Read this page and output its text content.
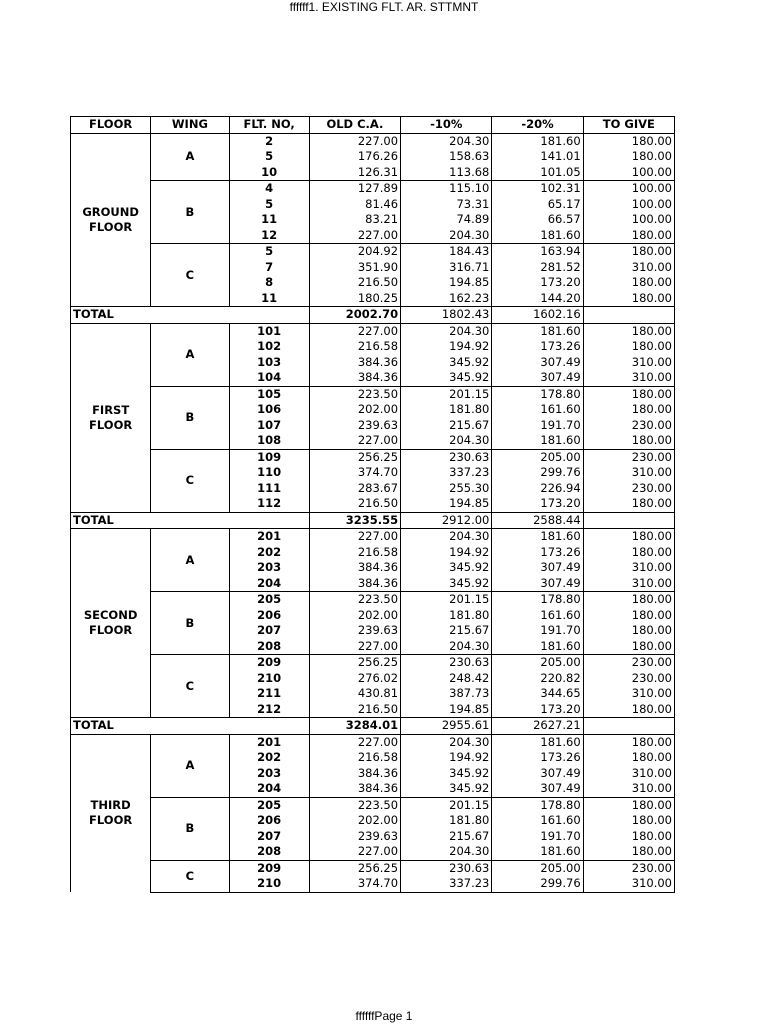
ffffff1. EXISTING FLT. AR. STTMNT
FLOOR	WING	FLT. NO,	OLD C.A.	-10%	-20%	TO GIVE

GROUND
FLOOR	A	2	227.00	204.30	181.60	180.00
		5	176.26	158.63	141.01	180.00
		10	126.31	113.68	101.05	100.00
	B	4	127.89	115.10	102.31	100.00
		5	81.46	73.31	65.17	100.00
		11	83.21	74.89	66.57	100.00
		12	227.00	204.30	181.60	180.00
	C	5	204.92	184.43	163.94	180.00
		7	351.90	316.71	281.52	310.00
		8	216.50	194.85	173.20	180.00
		11	180.25	162.23	144.20	180.00
TOTAL			2002.70	1802.43	1602.16	

FIRST
FLOOR	A	101	227.00	204.30	181.60	180.00
		102	216.58	194.92	173.26	180.00
		103	384.36	345.92	307.49	310.00
		104	384.36	345.92	307.49	310.00
	B	105	223.50	201.15	178.80	180.00
		106	202.00	181.80	161.60	180.00
		107	239.63	215.67	191.70	230.00
		108	227.00	204.30	181.60	180.00
	C	109	256.25	230.63	205.00	230.00
		110	374.70	337.23	299.76	310.00
		111	283.67	255.30	226.94	230.00
		112	216.50	194.85	173.20	180.00
TOTAL			3235.55	2912.00	2588.44	

SECOND
FLOOR	A	201	227.00	204.30	181.60	180.00
		202	216.58	194.92	173.26	180.00
		203	384.36	345.92	307.49	310.00
		204	384.36	345.92	307.49	310.00
	B	205	223.50	201.15	178.80	180.00
		206	202.00	181.80	161.60	180.00
		207	239.63	215.67	191.70	180.00
		208	227.00	204.30	181.60	180.00
	C	209	256.25	230.63	205.00	230.00
		210	276.02	248.42	220.82	230.00
		211	430.81	387.73	344.65	310.00
		212	216.50	194.85	173.20	180.00
TOTAL			3284.01	2955.61	2627.21	

THIRD
FLOOR	A	201	227.00	204.30	181.60	180.00
		202	216.58	194.92	173.26	180.00
		203	384.36	345.92	307.49	310.00
		204	384.36	345.92	307.49	310.00
	B	205	223.50	201.15	178.80	180.00
		206	202.00	181.80	161.60	180.00
		207	239.63	215.67	191.70	180.00
		208	227.00	204.30	181.60	180.00
	C	209	256.25	230.63	205.00	230.00
		210	374.70	337.23	299.76	310.00
ffffffPage 1
